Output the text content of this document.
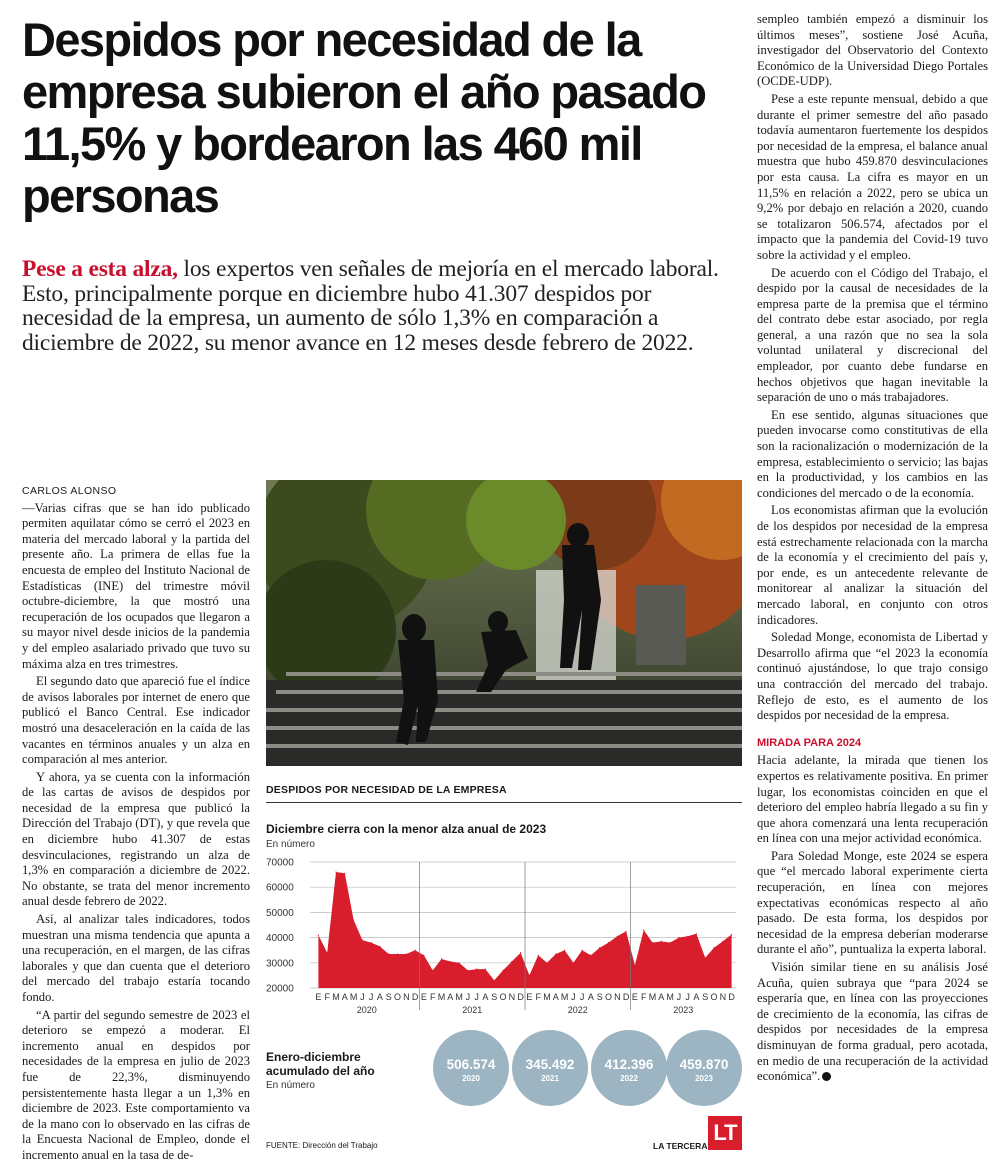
Despidos por necesidad de la empresa subieron el año pasado 11,5% y bordearon las 460 mil personas
Pese a esta alza, los expertos ven señales de mejoría en el mercado laboral. Esto, principalmente porque en diciembre hubo 41.307 despidos por necesidad de la empresa, un aumento de sólo 1,3% en comparación a diciembre de 2022, su menor avance en 12 meses desde febrero de 2022.
CARLOS ALONSO

—Varias cifras que se han ido publicado permiten aquilatar cómo se cerró el 2023 en materia del mercado laboral y la partida del presente año. La primera de ellas fue la encuesta de empleo del Instituto Nacional de Estadísticas (INE) del trimestre móvil octubre-diciembre, la que mostró una recuperación de los ocupados que llegaron a su mayor nivel desde inicios de la pandemia y del empleo asalariado privado que tuvo su máxima alza en tres trimestres.

El segundo dato que apareció fue el índice de avisos laborales por internet de enero que publicó el Banco Central. Ese indicador mostró una desaceleración en la caída de las vacantes en términos anuales y un alza en comparación al mes anterior.

Y ahora, ya se cuenta con la información de las cartas de avisos de despidos por necesidad de la empresa que publicó la Dirección del Trabajo (DT), y que revela que en diciembre hubo 41.307 de estas desvinculaciones, registrando un alza de 1,3% en comparación a diciembre de 2022. No obstante, se trata del menor incremento anual desde febrero de 2022.

Así, al analizar tales indicadores, todos muestran una misma tendencia que apunta a una recuperación, en el margen, de las cifras laborales y que dan cuenta que el deterioro del mercado del trabajo estaría tocando fondo.

“A partir del segundo semestre de 2023 el deterioro se empezó a moderar. El incremento anual en despidos por necesidades de la empresa en julio de 2023 fue de 22,3%, disminuyendo persistentemente hasta llegar a un 1,3% en diciembre de 2023. Este comportamiento va de la mano con lo observado en las cifras de la Encuesta Nacional de Empleo, donde el incremento anual en la tasa de de-

sempleo también empezó a disminuir los últimos meses”, sostiene José Acuña, investigador del Observatorio del Contexto Económico de la Universidad Diego Portales (OCDE-UDP).

Pese a este repunte mensual, debido a que durante el primer semestre del año pasado todavía aumentaron fuertemente los despidos por necesidad de la empresa, el balance anual muestra que hubo 459.870 desvinculaciones por esta causa. La cifra es mayor en un 11,5% en relación a 2022, pero se ubica un 9,2% por debajo en relación a 2020, cuando se totalizaron 506.574, afectados por el impacto que la pandemia del Covid-19 tuvo sobre la actividad y el empleo.

De acuerdo con el Código del Trabajo, el despido por la causal de necesidades de la empresa parte de la premisa que el término del contrato debe estar asociado, por regla general, a una razón que no sea la sola voluntad unilateral y discrecional del empleador, por cuanto debe fundarse en hechos objetivos que hagan inevitable la separación de uno o más trabajadores.

En ese sentido, algunas situaciones que pueden invocarse como constitutivas de ella son la racionalización o modernización de la empresa, establecimiento o servicio; las bajas en la productividad, y los cambios en las condiciones del mercado o de la economía.

Los economistas afirman que la evolución de los despidos por necesidad de la empresa está estrechamente relacionada con la marcha de la economía y el crecimiento del país y, por ende, es un antecedente relevante de monitorear al analizar la situación del mercado laboral, en conjunto con otros indicadores.

Soledad Monge, economista de Libertad y Desarrollo afirma que “el 2023 la economía continuó ajustándose, lo que trajo consigo una contracción del mercado del trabajo. Reflejo de esto, es el aumento de los despidos por necesidad de la empresa.

MIRADA PARA 2024

Hacia adelante, la mirada que tienen los expertos es relativamente positiva. En primer lugar, los economistas coinciden en que el deterioro del empleo habría llegado a su fin y que ahora comenzará una lenta recuperación en línea con una mejor actividad económica.

Para Soledad Monge, este 2024 se espera que “el mercado laboral experimente cierta recuperación, en línea con mejores expectativas económicas respecto al año pasado. De esta forma, los despidos por necesidad de la empresa deberían moderarse durante el año”, puntualiza la experta laboral.

Visión similar tiene en su análisis José Acuña, quien subraya que “para 2024 se esperaría que, en línea con las proyecciones de crecimiento de la economía, las cifras de despidos por necesidades de la empresa disminuyan de forma gradual, pero acotada, en medio de una recuperación de la actividad económica”.

DESPIDOS POR NECESIDAD DE LA EMPRESA
Diciembre cierra con la menor alza anual de 2023
En número
20000
30000
40000
50000
60000
70000
E F M A M J J A S O N D
2020
E F M A M J J A S O N D
2021
E F M A M J J A S O N D
2022
E F M A M J J A S O N D
2023
Enero-diciembre
acumulado del año
En número
506.574
2020
345.492
2021
412.396
2022
459.870
2023
FUENTE: Dirección del Trabajo	LA TERCERA
LT
